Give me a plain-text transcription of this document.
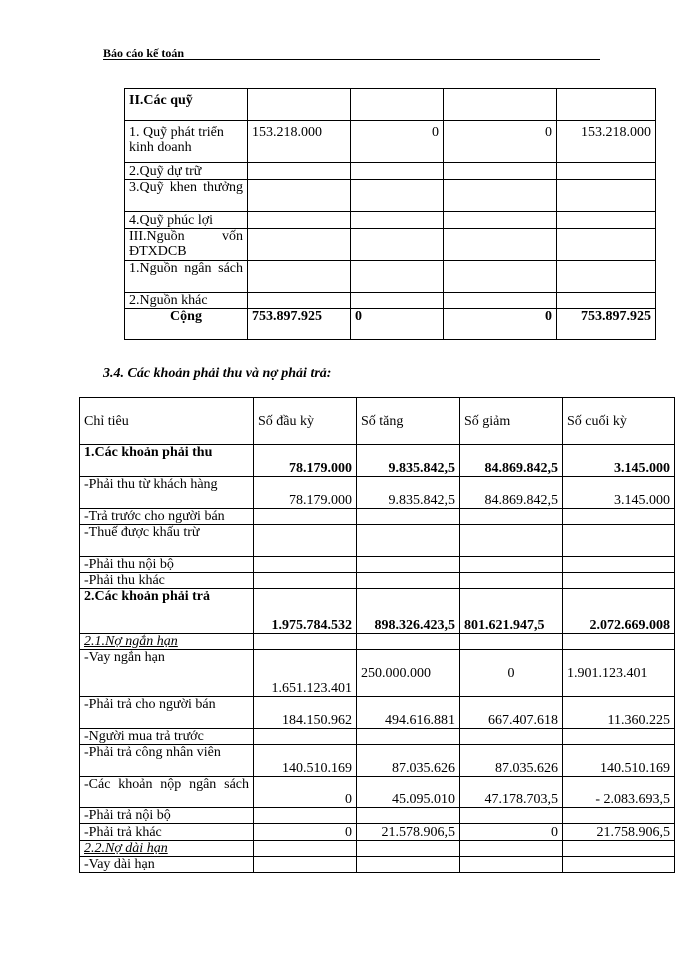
Báo cáo kế toán
II.Các quỹ				
1. Quỹ phát triển kinh doanh	153.218.000	0	0	153.218.000
2.Quỹ dự trữ				
3.Quỹ khen thưởng				
4.Quỹ phúc lợi				
III.Nguồn vốn ĐTXDCB				
1.Nguồn ngân sách				
2.Nguồn khác				
Cộng	753.897.925	0	0	753.897.925
3.4. Các khoản phải thu và nợ phải trả:
Chỉ tiêu	Số đầu kỳ	Số tăng	Số giảm	Số cuối kỳ
1.Các khoản phải thu	78.179.000	9.835.842,5	84.869.842,5	3.145.000
-Phải thu từ khách hàng	78.179.000	9.835.842,5	84.869.842,5	3.145.000
-Trả trước cho người bán				
-Thuế được khấu trừ				
-Phải thu nội bộ				
-Phải thu khác				
2.Các khoản phải trả	1.975.784.532	898.326.423,5	801.621.947,5	2.072.669.008
2.1.Nợ ngắn hạn				
-Vay ngắn hạn	1.651.123.401	250.000.000	0	1.901.123.401
-Phải trả cho người bán	184.150.962	494.616.881	667.407.618	11.360.225
-Người mua trả trước				
-Phải trả công nhân viên	140.510.169	87.035.626	87.035.626	140.510.169
-Các khoản nộp ngân sách	0	45.095.010	47.178.703,5	- 2.083.693,5
-Phải trả nội bộ				
-Phải trả khác	0	21.578.906,5	0	21.758.906,5
2.2.Nợ dài hạn				
-Vay dài hạn				
